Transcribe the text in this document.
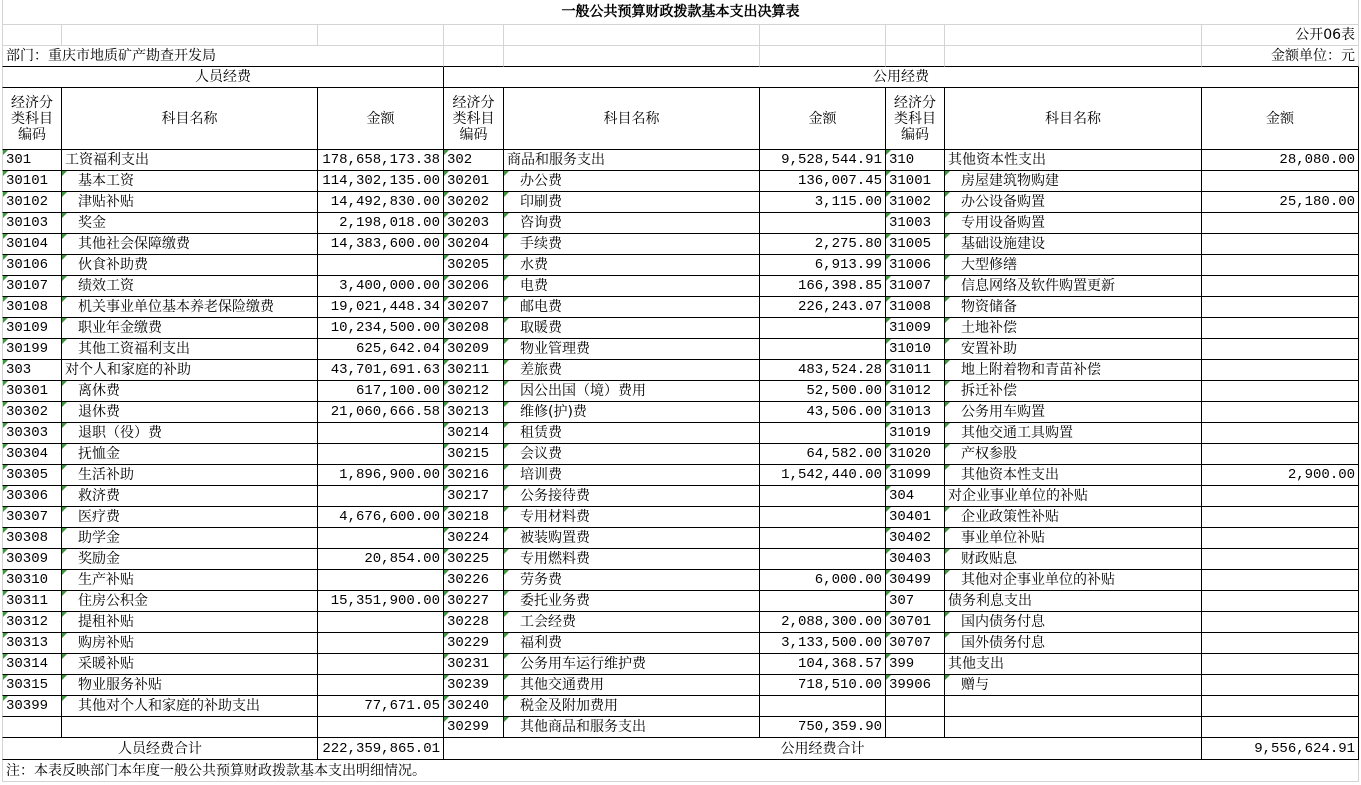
一般公共预算财政拨款基本支出决算表								
								公开06表
部门：重庆市地质矿产勘查开发局								金额单位：元
人员经费			公用经费					
经济分类科目编码	科目名称	金额	经济分类科目编码	科目名称	金额	经济分类科目编码	科目名称	金额
301	工资福利支出	178,658,173.38	302	商品和服务支出	9,528,544.91	310	其他资本性支出	28,080.00
30101	基本工资	114,302,135.00	30201	办公费	136,007.45	31001	房屋建筑物购建	
30102	津贴补贴	14,492,830.00	30202	印刷费	3,115.00	31002	办公设备购置	25,180.00
30103	奖金	2,198,018.00	30203	咨询费		31003	专用设备购置	
30104	其他社会保障缴费	14,383,600.00	30204	手续费	2,275.80	31005	基础设施建设	
30106	伙食补助费		30205	水费	6,913.99	31006	大型修缮	
30107	绩效工资	3,400,000.00	30206	电费	166,398.85	31007	信息网络及软件购置更新	
30108	机关事业单位基本养老保险缴费	19,021,448.34	30207	邮电费	226,243.07	31008	物资储备	
30109	职业年金缴费	10,234,500.00	30208	取暖费		31009	土地补偿	
30199	其他工资福利支出	625,642.04	30209	物业管理费		31010	安置补助	
303	对个人和家庭的补助	43,701,691.63	30211	差旅费	483,524.28	31011	地上附着物和青苗补偿	
30301	离休费	617,100.00	30212	因公出国（境）费用	52,500.00	31012	拆迁补偿	
30302	退休费	21,060,666.58	30213	维修(护)费	43,506.00	31013	公务用车购置	
30303	退职（役）费		30214	租赁费		31019	其他交通工具购置	
30304	抚恤金		30215	会议费	64,582.00	31020	产权参股	
30305	生活补助	1,896,900.00	30216	培训费	1,542,440.00	31099	其他资本性支出	2,900.00
30306	救济费		30217	公务接待费		304	对企业事业单位的补贴	
30307	医疗费	4,676,600.00	30218	专用材料费		30401	企业政策性补贴	
30308	助学金		30224	被装购置费		30402	事业单位补贴	
30309	奖励金	20,854.00	30225	专用燃料费		30403	财政贴息	
30310	生产补贴		30226	劳务费	6,000.00	30499	其他对企事业单位的补贴	
30311	住房公积金	15,351,900.00	30227	委托业务费		307	债务利息支出	
30312	提租补贴		30228	工会经费	2,088,300.00	30701	国内债务付息	
30313	购房补贴		30229	福利费	3,133,500.00	30707	国外债务付息	
30314	采暖补贴		30231	公务用车运行维护费	104,368.57	399	其他支出	
30315	物业服务补贴		30239	其他交通费用	718,510.00	39906	赠与	
30399	其他对个人和家庭的补助支出	77,671.05	30240	税金及附加费用				
			30299	其他商品和服务支出	750,359.90			
人员经费合计		222,359,865.01	公用经费合计					9,556,624.91
注：本表反映部门本年度一般公共预算财政拨款基本支出明细情况。								
